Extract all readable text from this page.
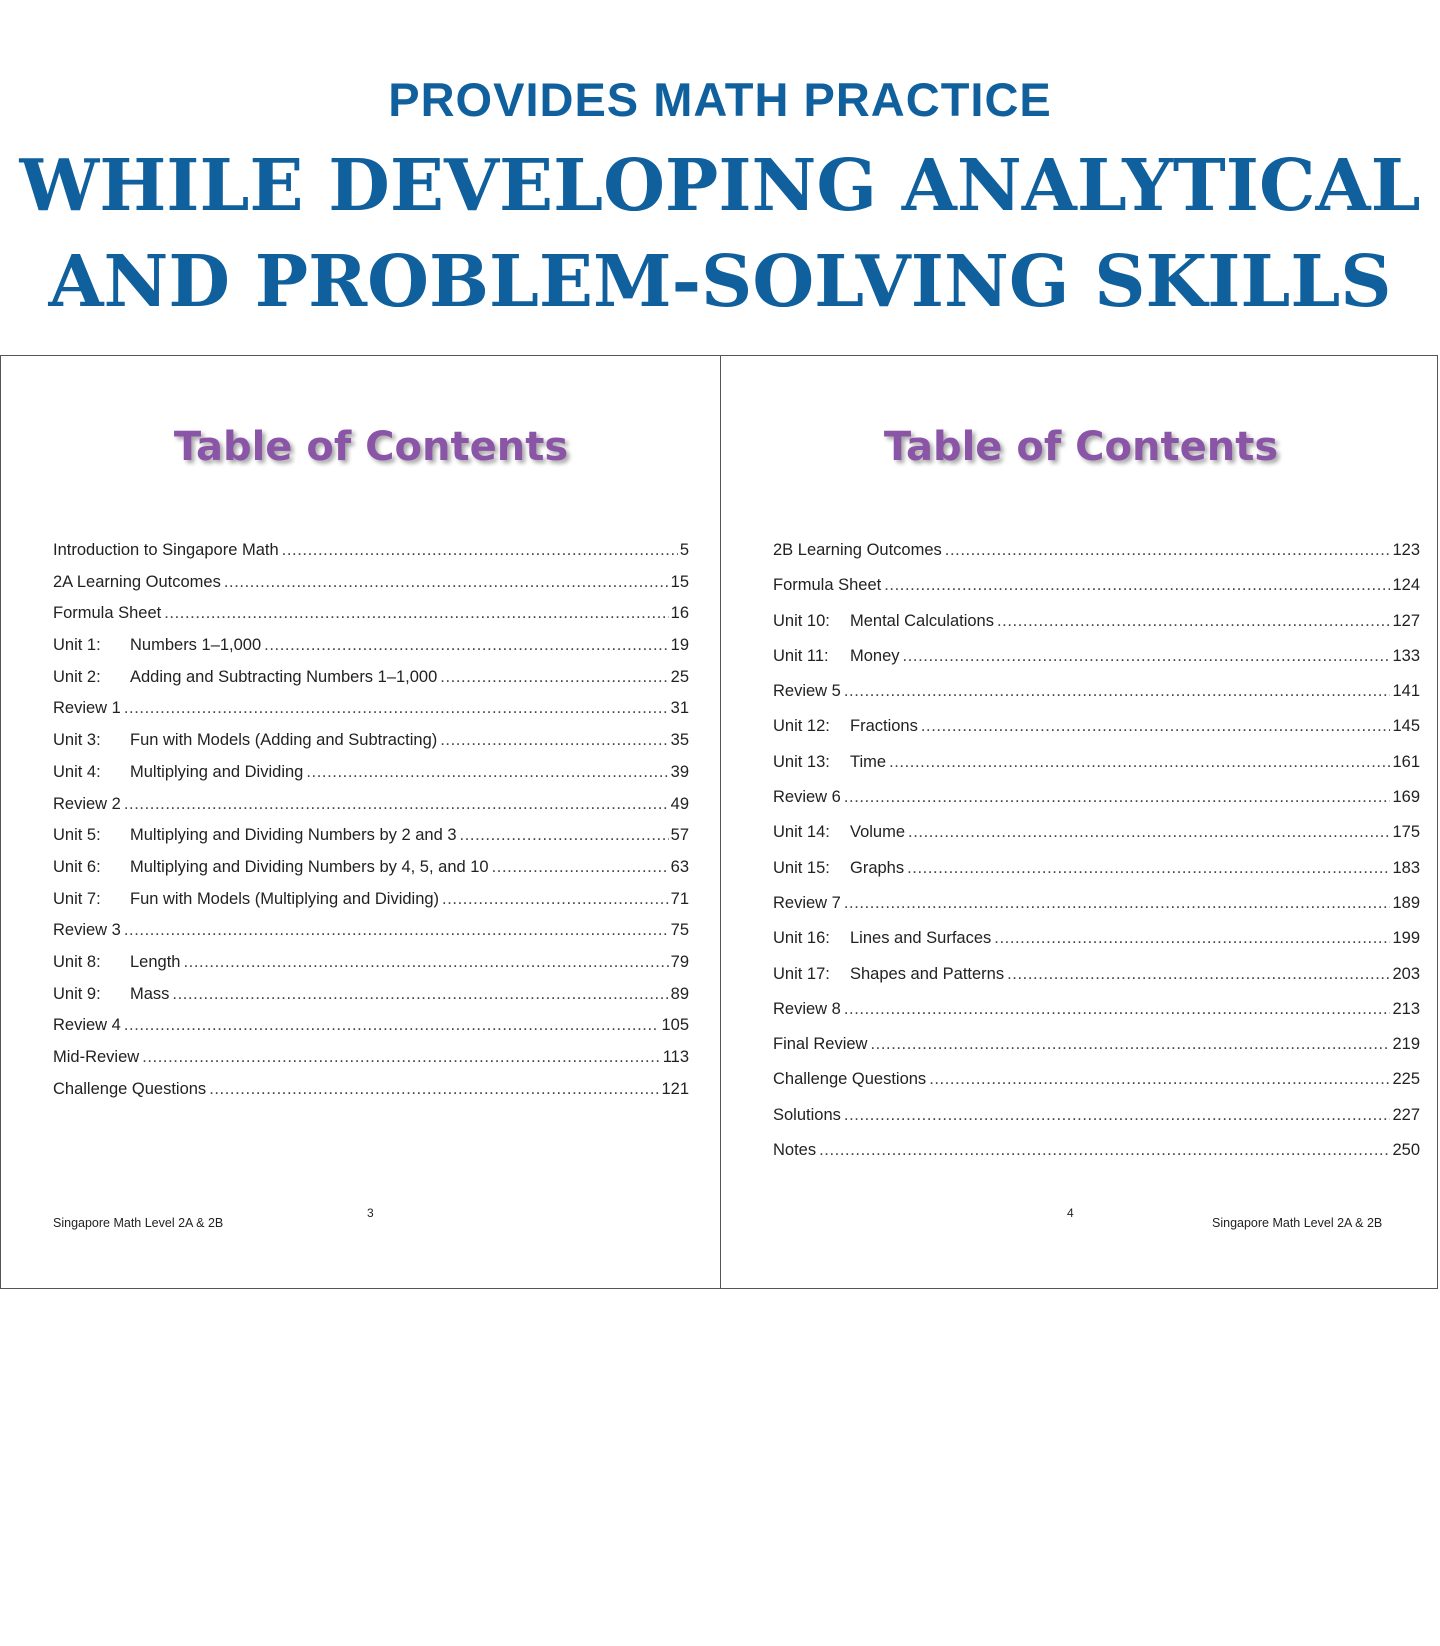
PROVIDES MATH PRACTICE
WHILE DEVELOPING ANALYTICAL
AND PROBLEM-SOLVING SKILLS
Table of Contents
Introduction to Singapore Math .....	5
2A Learning Outcomes .....	15
Formula Sheet .....	16
Unit 1:	Numbers 1–1,000 .....	19
Unit 2:	Adding and Subtracting Numbers 1–1,000 .....	25
Review 1 .....	31
Unit 3:	Fun with Models (Adding and Subtracting) .....	35
Unit 4:	Multiplying and Dividing .....	39
Review 2 .....	49
Unit 5:	Multiplying and Dividing Numbers by 2 and 3 .....	57
Unit 6:	Multiplying and Dividing Numbers by 4, 5, and 10 .....	63
Unit 7:	Fun with Models (Multiplying and Dividing) .....	71
Review 3 .....	75
Unit 8:	Length .....	79
Unit 9:	Mass .....	89
Review 4 .....	105
Mid-Review .....	113
Challenge Questions .....	121
Singapore Math Level 2A & 2B
3
Table of Contents
2B Learning Outcomes .....	123
Formula Sheet .....	124
Unit 10:	Mental Calculations .....	127
Unit 11:	Money .....	133
Review 5 .....	141
Unit 12:	Fractions .....	145
Unit 13:	Time .....	161
Review 6 .....	169
Unit 14:	Volume .....	175
Unit 15:	Graphs .....	183
Review 7 .....	189
Unit 16:	Lines and Surfaces .....	199
Unit 17:	Shapes and Patterns .....	203
Review 8 .....	213
Final Review .....	219
Challenge Questions .....	225
Solutions .....	227
Notes .....	250
4
Singapore Math Level 2A & 2B
